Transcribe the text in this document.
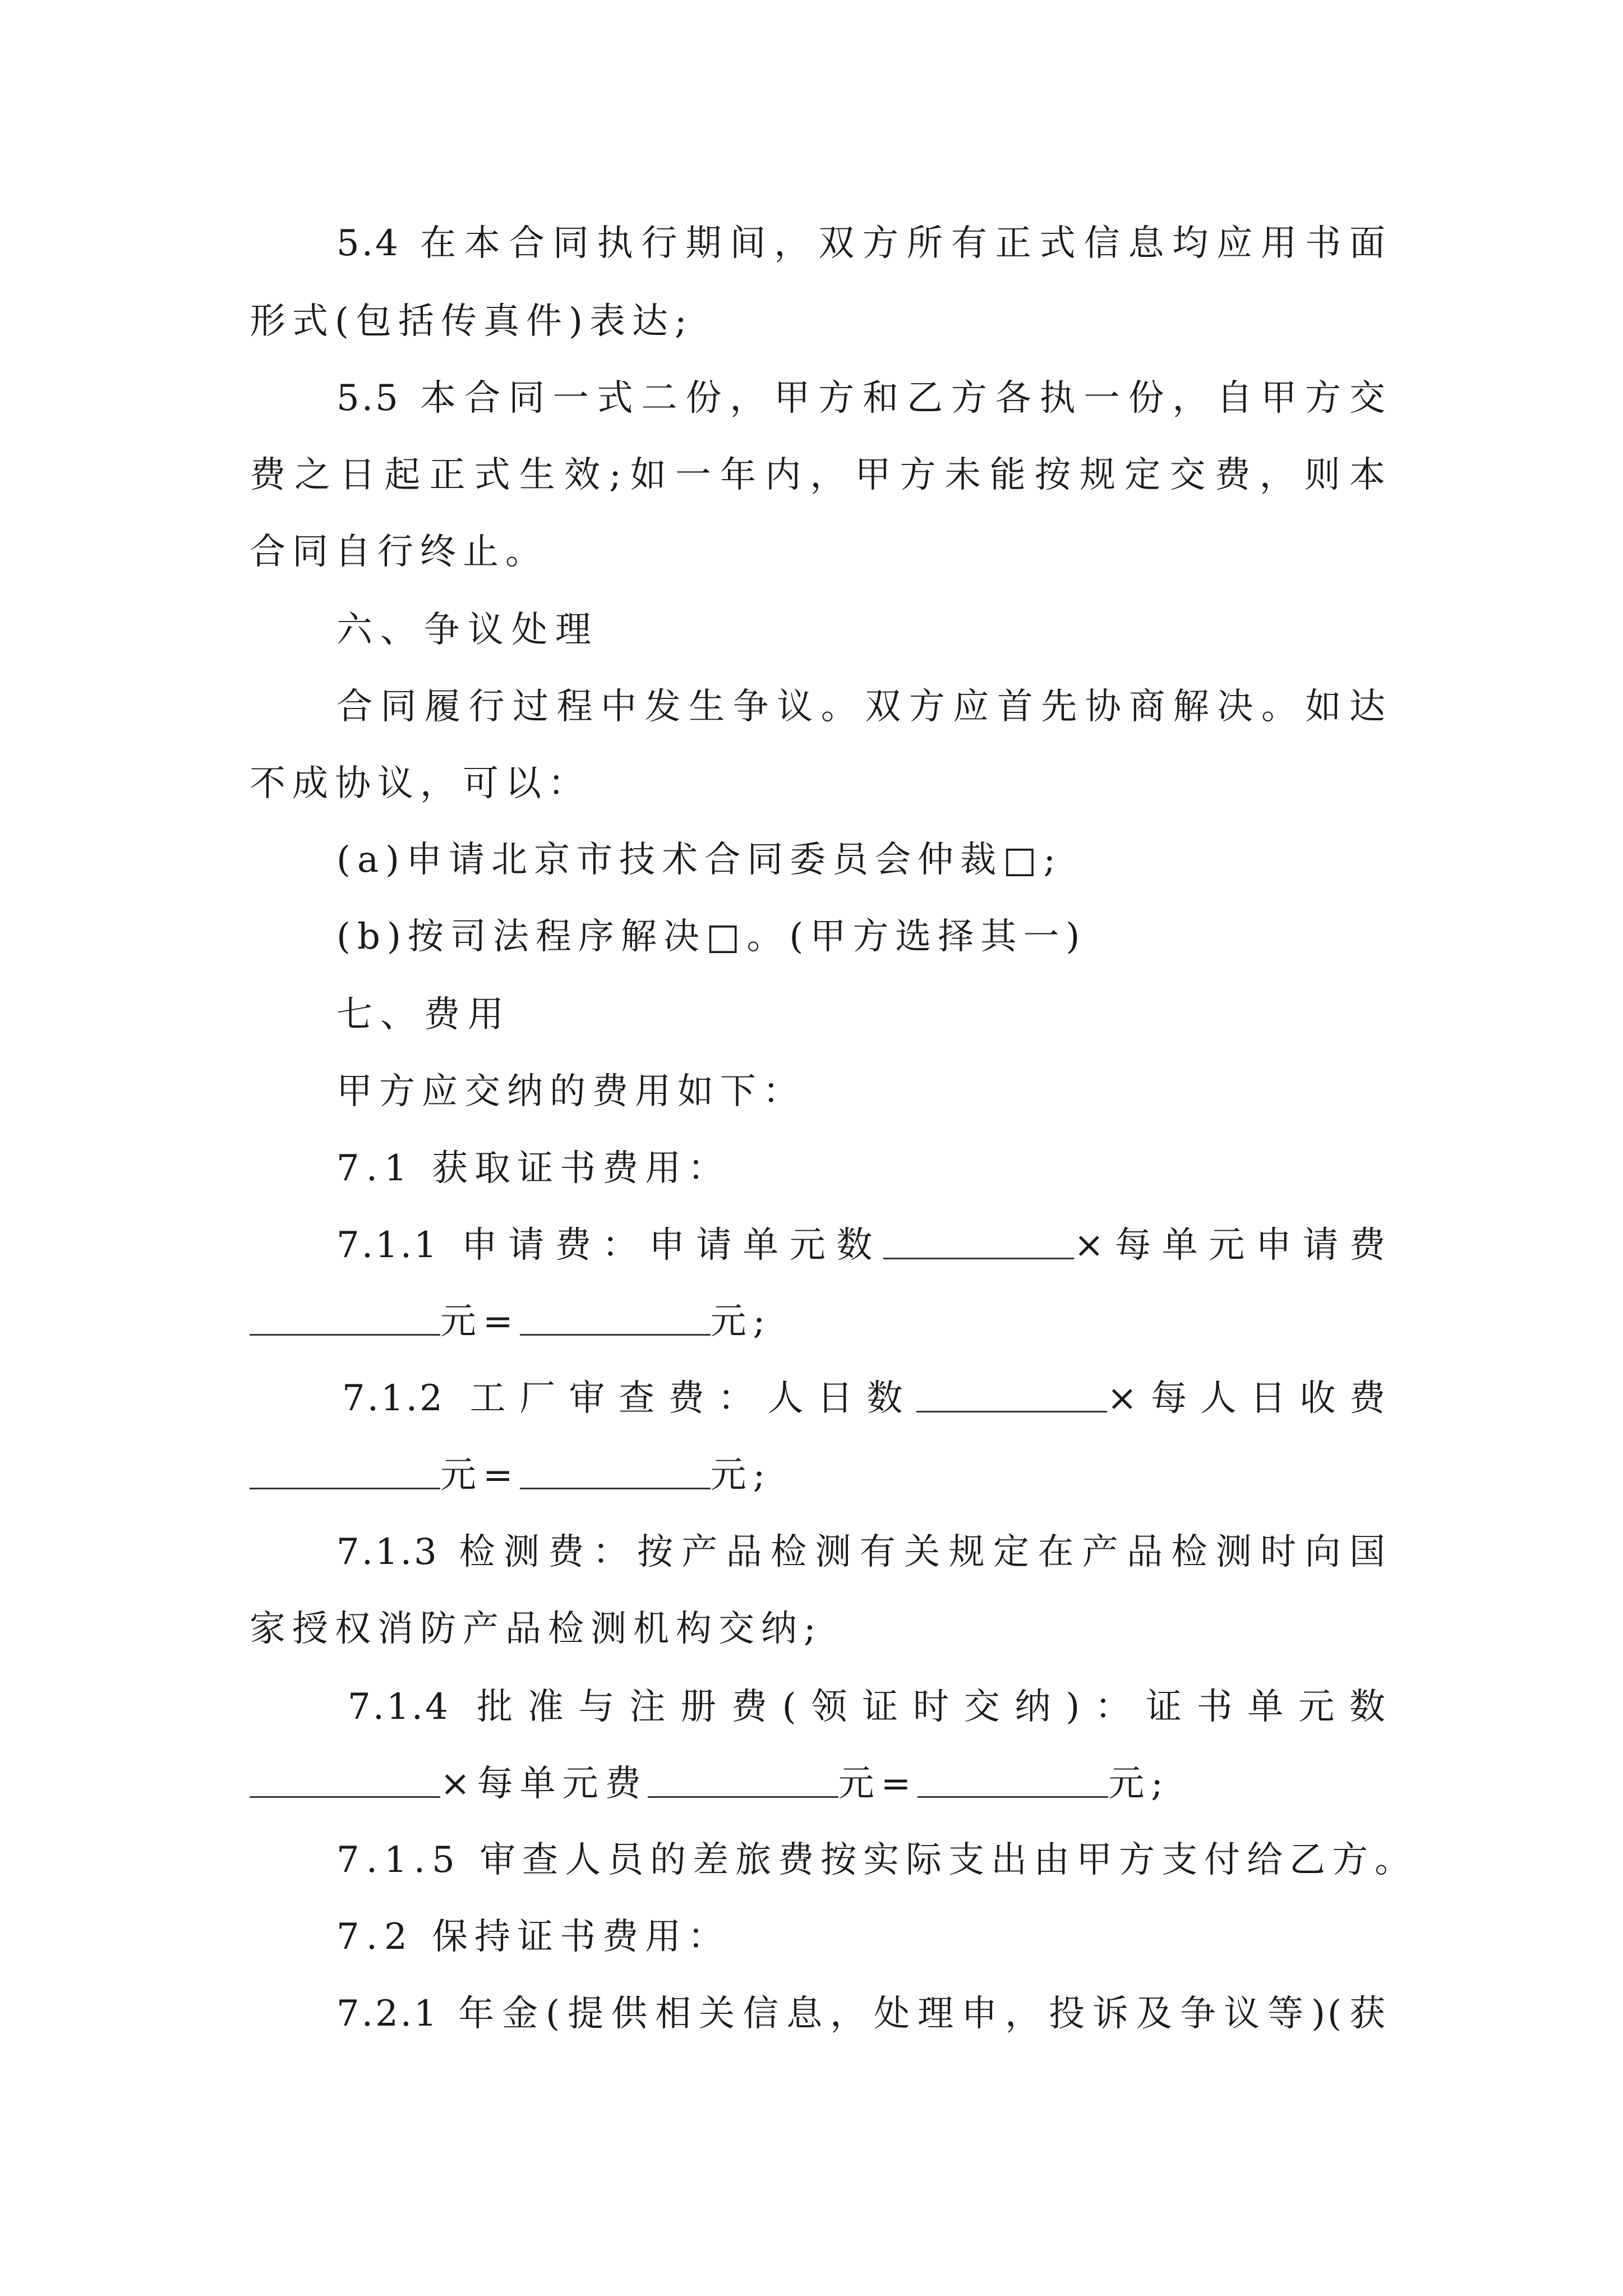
5.4 在本合同执行期间，双方所有正式信息均应用书面
形式(包括传真件)表达;
5.5 本合同一式二份，甲方和乙方各执一份，自甲方交
费之日起正式生效;如一年内，甲方未能按规定交费，则本
合同自行终止。
六、争议处理
合同履行过程中发生争议。双方应首先协商解决。如达
不成协议，可以：
(a)申请北京市技术合同委员会仲裁□;
(b)按司法程序解决□。(甲方选择其一)
七、费用
甲方应交纳的费用如下：
7.1 获取证书费用：
7.1.1 申请费：申请单元数	×每单元申请费
元=	元;
7.1.2 工厂审查费：人日数	×每人日收费
元=	元;
7.1.3 检测费：按产品检测有关规定在产品检测时向国
家授权消防产品检测机构交纳;
7.1.4 批准与注册费(领证时交纳)：证书单元数
×每单元费	元=	元;
7.1.5 审查人员的差旅费按实际支出由甲方支付给乙方。
7.2 保持证书费用：
7.2.1 年金(提供相关信息，处理申，投诉及争议等)(获
